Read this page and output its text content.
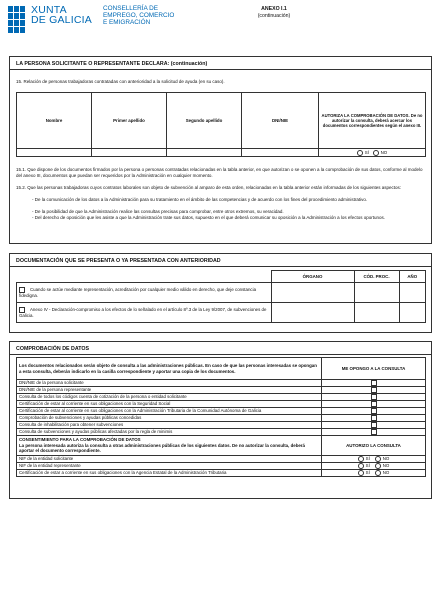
XUNTA
DE GALICIA
CONSELLERÍA DE
EMPREGO, COMERCIO
E EMIGRACIÓN
ANEXO I.1
(continuación)
LA PERSONA SOLICITANTE O REPRESENTANTE DECLARA: (continuación)
15. Relación de personas trabajadoras contratadas con anterioridad a la solicitud de ayuda (en su caso).
Nombre	Primer apellido	Segundo apellido	DNI/NIE	AUTORIZA LA COMPROBACIÓN DE DATOS. De no autorizar la consulta, deberá acercar los documentos correspondientes según el anexo III.
				SÍ NO
15.1. Que dispone de los documentos firmados por la persona o personas contratadas relacionadas en la tabla anterior, en que autorizan o se oponen a la comprobación de sus datos, conforme al modelo del anexo III, documentos que puedan ser requeridos por la Administración en cualquier momento.
15.2. Que las personas trabajadoras cuyos contratos laborales son objeto de subvención al amparo de esta orden, relacionadas en la tabla anterior están informadas de los siguientes aspectos:
- De la comunicación de los datos a la Administración para su tratamiento en el ámbito de las competencias y de acuerdo con los fines del procedimiento administrativo.
- De la posibilidad de que la Administración realice las consultas precisas para comprobar, entre otros extremos, su veracidad.
- Del derecho de oposición que les asiste a que la Administración trate sus datos, supuesto en el que deberá comunicar su oposición a la Administración a los efectos oportunos.
DOCUMENTACIÓN QUE SE PRESENTA O YA PRESENTADA CON ANTERIORIDAD
	ÓRGANO	CÓD. PROC.	AÑO
Cuando se actúe mediante representación, acreditación por cualquier medio válido en derecho, que deje constancia fidedigna.			
Anexo IV - Declaración-compromiso a los efectos de lo señalado en el artículo 8º.3 de la Ley 9/2007, de subvenciones de Galicia.			
COMPROBACIÓN DE DATOS
Los documentos relacionados serán objeto de consulta a las administraciones públicas. En caso de que las personas interesadas se opongan a esta consulta, deberán indicarlo en la casilla correspondiente y aportar una copia de los documentos.	ME OPONGO A LA CONSULTA
DNI/NIE de la persona solicitante	
DNI/NIE de la persona representante	
Consulta de todos los códigos cuenta de cotización de la persona o entidad solicitante	
Certificación de estar al corriente en sus obligaciones con la Seguridad Social	
Certificación de estar al corriente en sus obligaciones con la Administración Tributaria de la Comunidad Autónoma de Galicia	
Comprobación de subvenciones y ayudas públicas concedidas	
Consulta de inhabilitación para obtener subvenciones	
Consulta de subvenciones y ayudas públicas afectadas por la regla de minimis	

CONSENTIMIENTO PARA LA COMPROBACIÓN DE DATOS
La persona interesada autoriza la consulta a otras administraciones públicas de los siguientes datos. De no autorizar la consulta, deberá aportar el documento correspondiente.	AUTORIZO LA CONSULTA
NIF de la entidad solicitante	SÍ NO
NIF de la entidad representante	SÍ NO
Certificación de estar a corriente en sus obligaciones con la Agencia Estatal de la Administración Tributaria	SÍ NO
